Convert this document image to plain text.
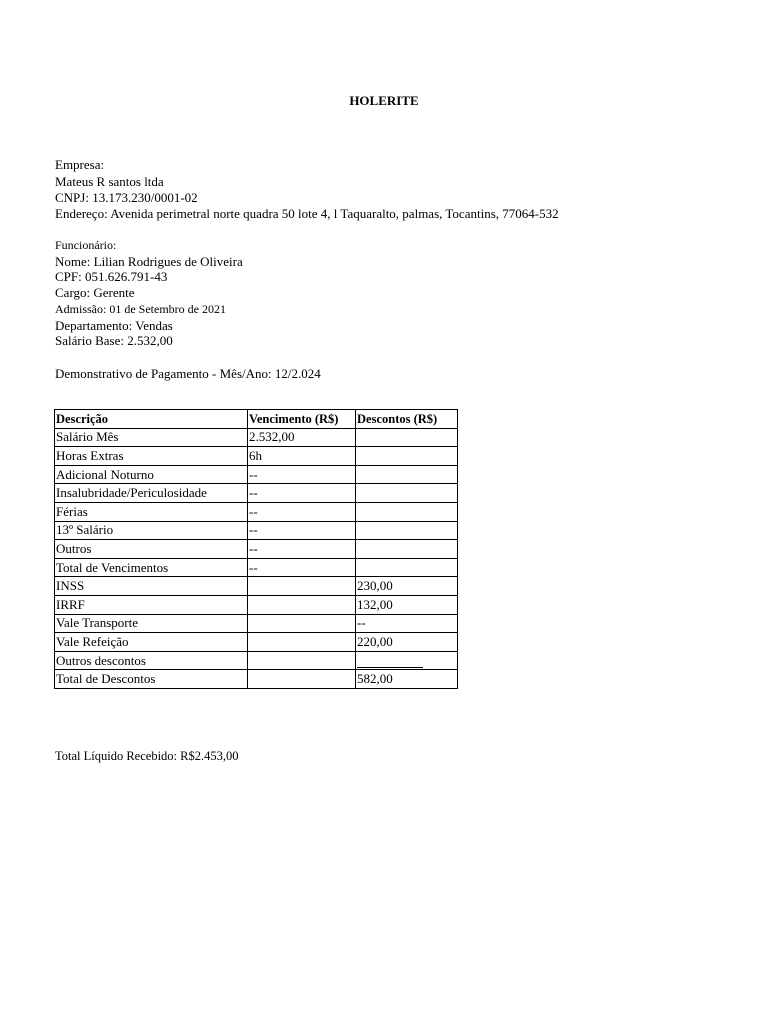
HOLERITE
Empresa:
Mateus R santos ltda
CNPJ: 13.173.230/0001-02
Endereço: Avenida perimetral norte quadra 50 lote 4, l Taquaralto, palmas, Tocantins, 77064-532
Funcionário:
Nome: Lilian Rodrigues de Oliveira
CPF: 051.626.791-43
Cargo: Gerente
Admissão: 01 de Setembro de 2021
Departamento: Vendas
Salário Base: 2.532,00
Demonstrativo de Pagamento - Mês/Ano: 12/2.024
Descrição	Vencimento (R$)	Descontos (R$)
Salário Mês	2.532,00	
Horas Extras	6h	
Adicional Noturno	--	
Insalubridade/Periculosidade	--	
Férias	--	
13º Salário	--	
Outros	--	
Total de Vencimentos	--	
INSS		230,00
IRRF		132,00
Vale Transporte		--
Vale Refeição		220,00
Outros descontos		
Total de Descontos		582,00
Total Líquido Recebido: R$2.453,00
